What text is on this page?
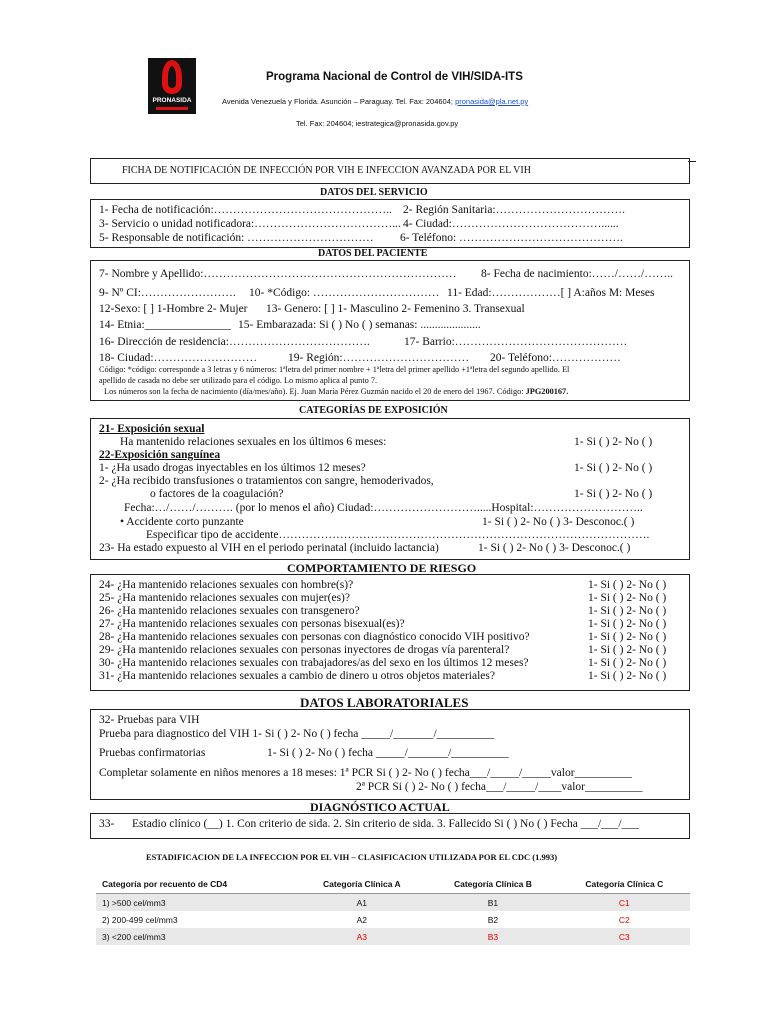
PRONASIDA
Programa Nacional de Control de VIH/SIDA-ITS
Avenida Venezuela y Florida. Asunción – Paraguay. Tel. Fax: 204604; pronasida@pla.net.py
Tel. Fax: 204604; iestrategica@pronasida.gov.py
FICHA DE NOTIFICACIÓN DE INFECCIÓN POR VIH E INFECCION AVANZADA POR EL VIH
DATOS DEL SERVICIO
1- Fecha de notificación:……………………………………….. 2- Región Sanitaria:…………………………….
3- Servicio o unidad notificadora:………………………………... 4- Ciudad:…………………………………......
5- Responsable de notificación: …………………………… 6- Teléfono: …………………………………….
DATOS DEL PACIENTE
7- Nombre y Apellido:………………………………………………………… 8- Fecha de nacimiento:……/……/……..
9- Nº CI:……………………. 10- *Código: …………………………… 11- Edad:………………[ ] A:años M: Meses
12-Sexo: [ ] 1-Hombre 2- Mujer 13- Genero: [ ] 1- Masculino 2- Femenino 3. Transexual
14- Etnia:_______________ 15- Embarazada: Si ( ) No ( ) semanas: .....................
16- Dirección de residencia:……………………………….	17- Barrio:………………………………………
18- Ciudad:………………………	19- Región:…………………………… 20- Teléfono:………………
Código: *código: corresponde a 3 letras y 6 números: 1ªletra del primer nombre + 1ªletra del primer apellido +1ªletra del segundo apellido. El
apellido de casada no debe ser utilizado para el código. Lo mismo aplica al punto 7.
Los números son la fecha de nacimiento (día/mes/año). Ej. Juan María Pérez Guzmán nacido el 20 de enero del 1967. Código: JPG200167.
CATEGORÍAS DE EXPOSICIÓN
21- Exposición sexual
Ha mantenido relaciones sexuales en los últimos 6 meses:	1- Si ( ) 2- No ( )
22-Exposición sanguínea
1- ¿Ha usado drogas inyectables en los últimos 12 meses?	1- Si ( ) 2- No ( )
2- ¿Ha recibido transfusiones o tratamientos con sangre, hemoderivados,
o factores de la coagulación?	1- Si ( ) 2- No ( )
Fecha:…/……/………. (por lo menos el año) Ciudad:……………………….....Hospital:………………………..
• Accidente corto punzante	1- Si ( ) 2- No ( ) 3- Desconoc.( )
Especificar tipo de accidente…………………………………………………………………………………….
23- Ha estado expuesto al VIH en el periodo perinatal (incluido lactancia)	1- Si ( ) 2- No ( ) 3- Desconoc.( )
COMPORTAMIENTO DE RIESGO
24- ¿Ha mantenido relaciones sexuales con hombre(s)?	1- Si ( ) 2- No ( )
25- ¿Ha mantenido relaciones sexuales con mujer(es)?	1- Si ( ) 2- No ( )
26- ¿Ha mantenido relaciones sexuales con transgenero?	1- Si ( ) 2- No ( )
27- ¿Ha mantenido relaciones sexuales con personas bisexual(es)?	1- Si ( ) 2- No ( )
28- ¿Ha mantenido relaciones sexuales con personas con diagnóstico conocido VIH positivo?	1- Si ( ) 2- No ( )
29- ¿Ha mantenido relaciones sexuales con personas inyectores de drogas vía parenteral?	1- Si ( ) 2- No ( )
30- ¿Ha mantenido relaciones sexuales con trabajadores/as del sexo en los últimos 12 meses?	1- Si ( ) 2- No ( )
31- ¿Ha mantenido relaciones sexuales a cambio de dinero u otros objetos materiales?	1- Si ( ) 2- No ( )
DATOS LABORATORIALES
32- Pruebas para VIH
Prueba para diagnostico del VIH 1- Si ( ) 2- No ( ) fecha _____/_______/__________
Pruebas confirmatorias	1- Si ( ) 2- No ( ) fecha _____/_______/__________
Completar solamente en niños menores a 18 meses: 1ª PCR Si ( ) 2- No ( ) fecha___/_____/_____valor__________
2ª PCR Si ( ) 2- No ( ) fecha___/_____/____valor__________
DIAGNÓSTICO ACTUAL
33- Estadio clínico (__) 1. Con criterio de sida. 2. Sin criterio de sida. 3. Fallecido Si ( ) No ( ) Fecha ___/___/___
ESTADIFICACION DE LA INFECCION POR EL VIH – CLASIFICACION UTILIZADA POR EL CDC (1.993)
Categoría por recuento de CD4	Categoría Clínica A	Categoría Clínica B	Categoría Clínica C
1) >500 cel/mm3	A1	B1	C1
2) 200-499 cel/mm3	A2	B2	C2
3) <200 cel/mm3	A3	B3	C3
